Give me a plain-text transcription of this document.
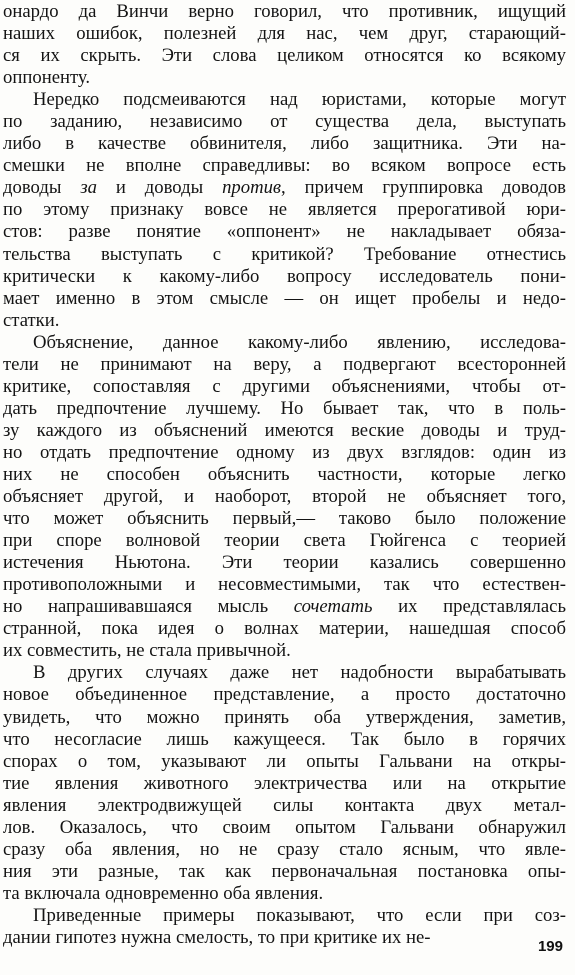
онардо да Винчи верно говорил, что противник, ищущий
наших ошибок, полезней для нас, чем друг, старающий-
ся их скрыть. Эти слова целиком относятся ко всякому
оппоненту.
Нередко подсмеиваются над юристами, которые могут
по заданию, независимо от существа дела, выступать
либо в качестве обвинителя, либо защитника. Эти на-
смешки не вполне справедливы: во всяком вопросе есть
доводы за и доводы против, причем группировка доводов
по этому признаку вовсе не является прерогативой юри-
стов: разве понятие «оппонент» не накладывает обяза-
тельства выступать с критикой? Требование отнестись
критически к какому-либо вопросу исследователь пони-
мает именно в этом смысле — он ищет пробелы и недо-
статки.
Объяснение, данное какому-либо явлению, исследова-
тели не принимают на веру, а подвергают всесторонней
критике, сопоставляя с другими объяснениями, чтобы от-
дать предпочтение лучшему. Но бывает так, что в поль-
зу каждого из объяснений имеются веские доводы и труд-
но отдать предпочтение одному из двух взглядов: один из
них не способен объяснить частности, которые легко
объясняет другой, и наоборот, второй не объясняет того,
что может объяснить первый,— таково было положение
при споре волновой теории света Гюйгенса с теорией
истечения Ньютона. Эти теории казались совершенно
противоположными и несовместимыми, так что естествен-
но напрашивавшаяся мысль сочетать их представлялась
странной, пока идея о волнах материи, нашедшая способ
их совместить, не стала привычной.
В других случаях даже нет надобности вырабатывать
новое объединенное представление, а просто достаточно
увидеть, что можно принять оба утверждения, заметив,
что несогласие лишь кажущееся. Так было в горячих
спорах о том, указывают ли опыты Гальвани на откры-
тие явления животного электричества или на открытие
явления электродвижущей силы контакта двух метал-
лов. Оказалось, что своим опытом Гальвани обнаружил
сразу оба явления, но не сразу стало ясным, что явле-
ния эти разные, так как первоначальная постановка опы-
та включала одновременно оба явления.
Приведенные примеры показывают, что если при соз-
дании гипотез нужна смелость, то при критике их не-	199
